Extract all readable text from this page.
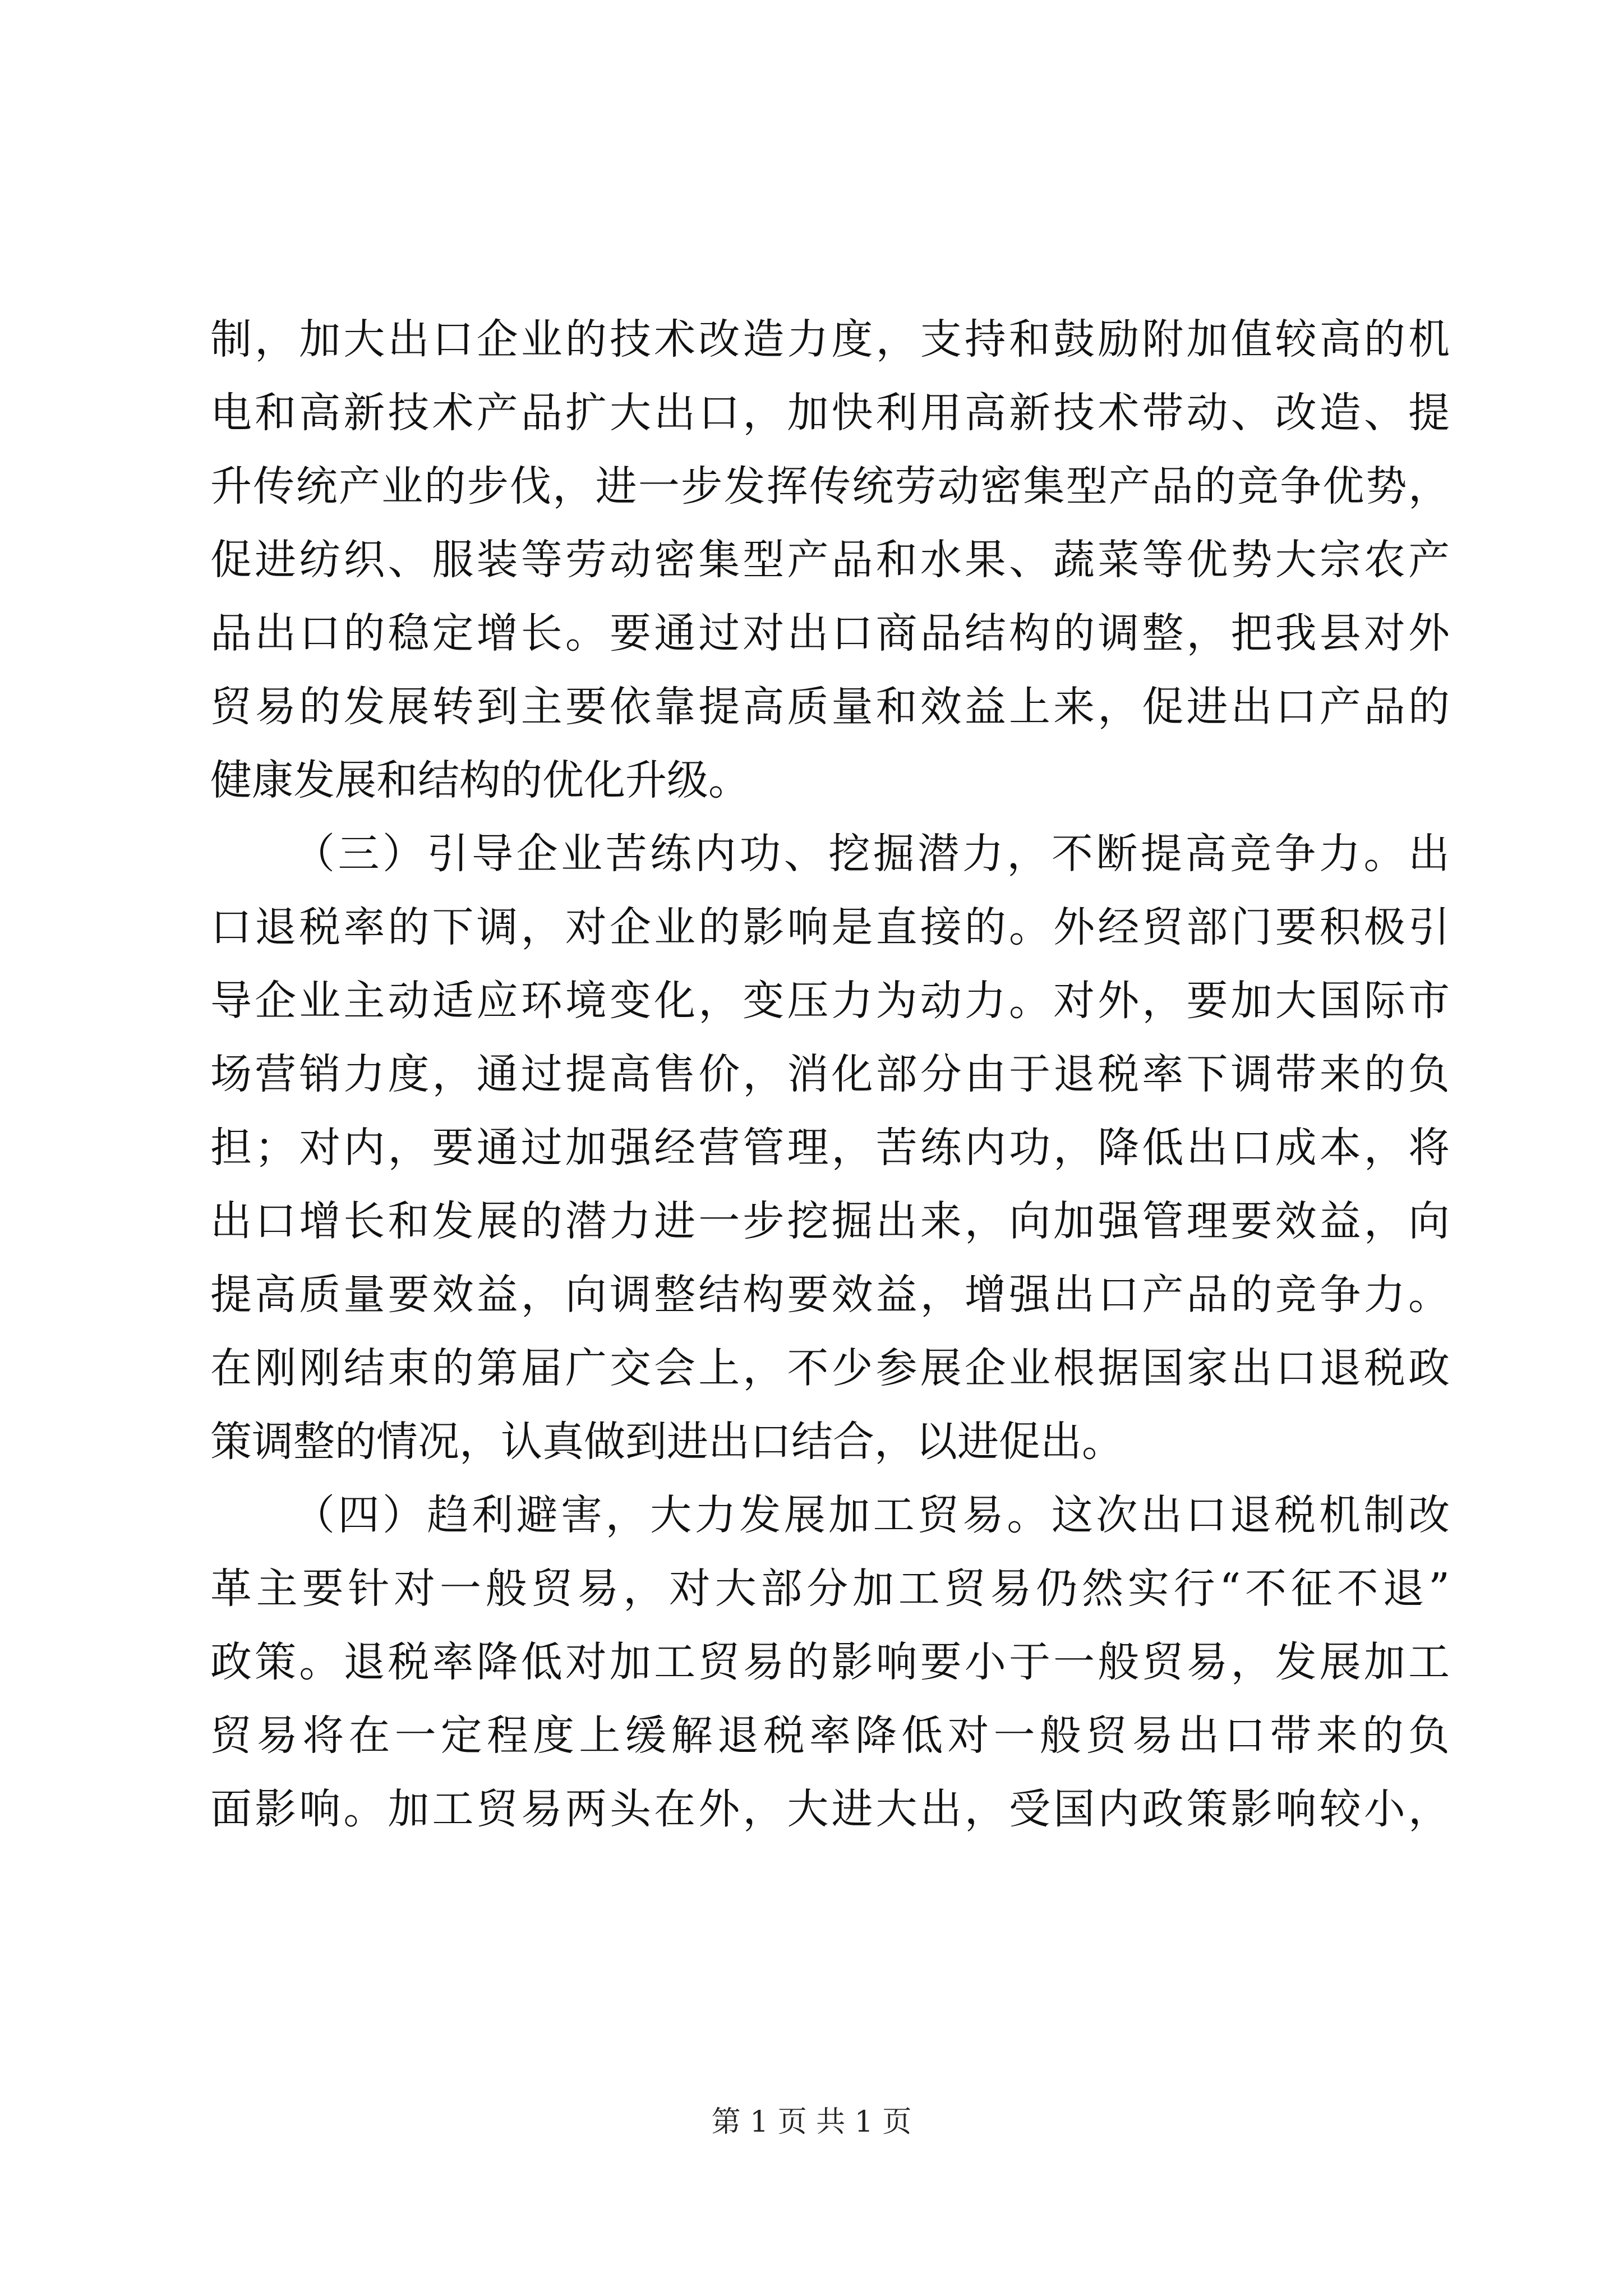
制，加大出口企业的技术改造力度，支持和鼓励附加值较高的机
电和高新技术产品扩大出口，加快利用高新技术带动、改造、提
升传统产业的步伐，进一步发挥传统劳动密集型产品的竞争优势，
促进纺织、服装等劳动密集型产品和水果、蔬菜等优势大宗农产
品出口的稳定增长。要通过对出口商品结构的调整，把我县对外
贸易的发展转到主要依靠提高质量和效益上来，促进出口产品的
健康发展和结构的优化升级。
（三）引导企业苦练内功、挖掘潜力，不断提高竞争力。出
口退税率的下调，对企业的影响是直接的。外经贸部门要积极引
导企业主动适应环境变化，变压力为动力。对外，要加大国际市
场营销力度，通过提高售价，消化部分由于退税率下调带来的负
担；对内，要通过加强经营管理，苦练内功，降低出口成本，将
出口增长和发展的潜力进一步挖掘出来，向加强管理要效益，向
提高质量要效益，向调整结构要效益，增强出口产品的竞争力。
在刚刚结束的第届广交会上，不少参展企业根据国家出口退税政
策调整的情况，认真做到进出口结合，以进促出。
（四）趋利避害，大力发展加工贸易。这次出口退税机制改
革主要针对一般贸易，对大部分加工贸易仍然实行“不征不退”
政策。退税率降低对加工贸易的影响要小于一般贸易，发展加工
贸易将在一定程度上缓解退税率降低对一般贸易出口带来的负
面影响。加工贸易两头在外，大进大出，受国内政策影响较小，
第 1 页 共 1 页
